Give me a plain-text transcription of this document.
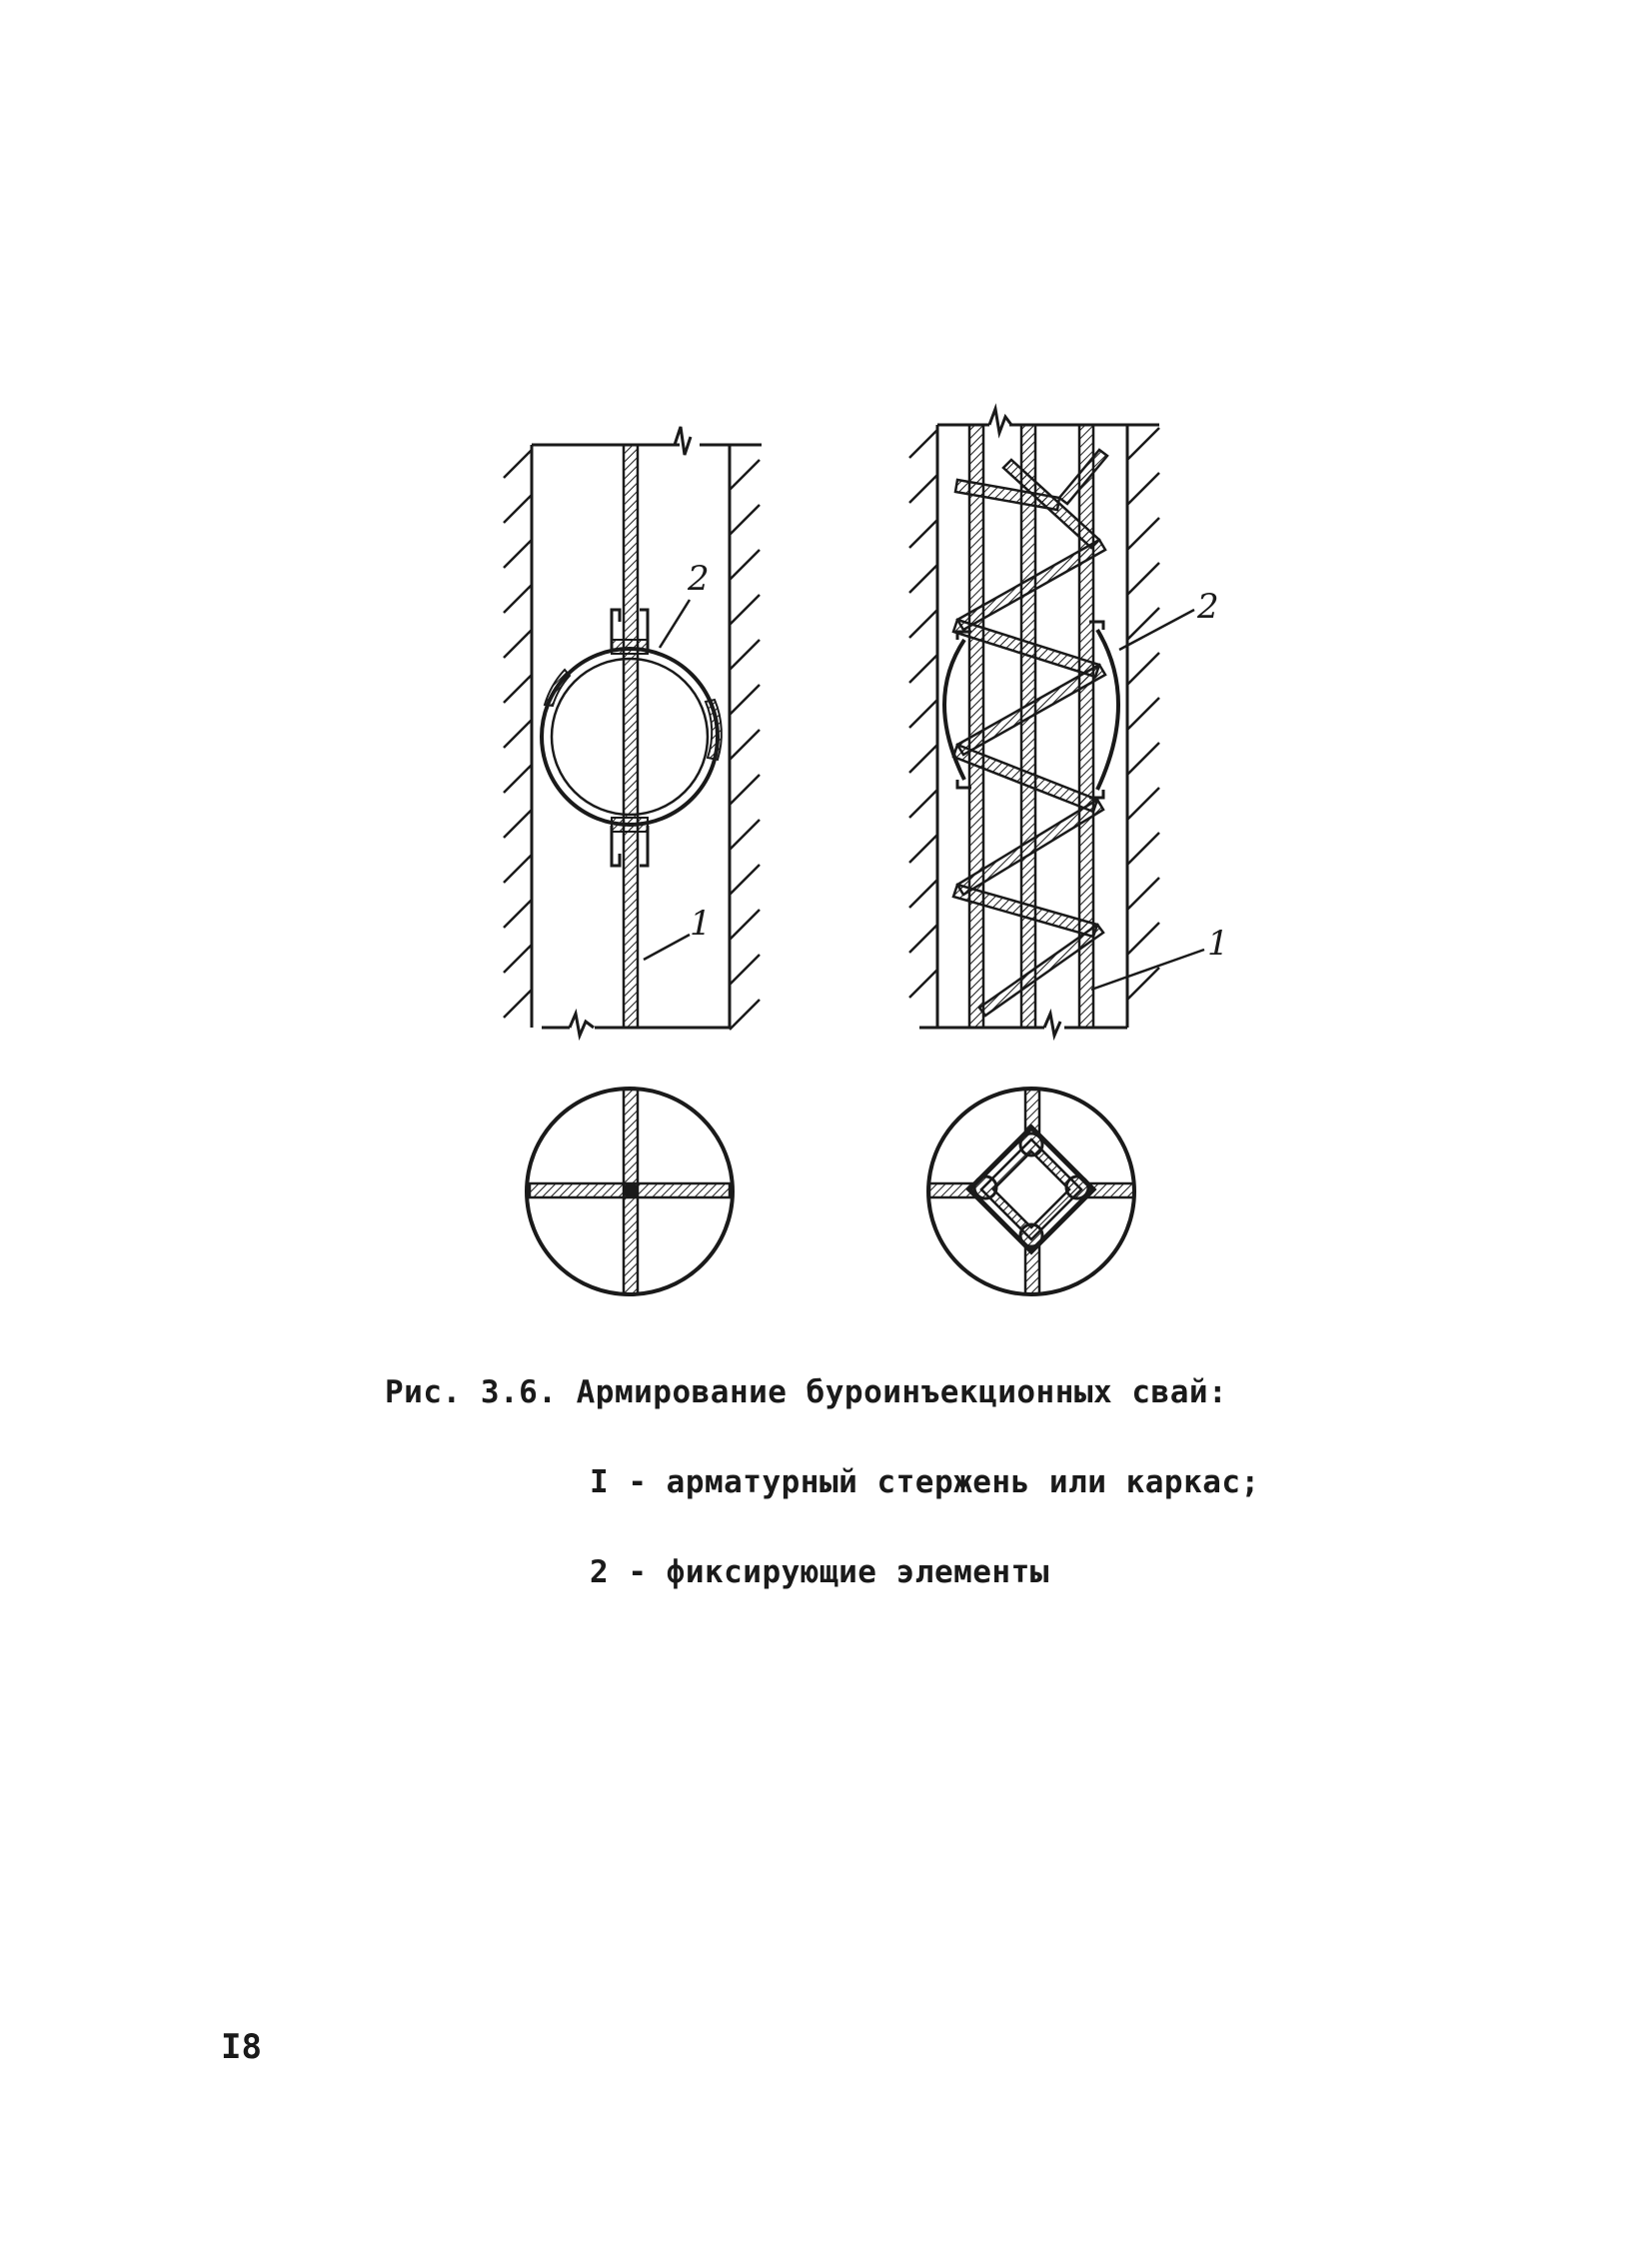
2
1
2
1

Рис. 3.6. Армирование буроинъекционных свай:

I - арматурный стержень или каркас;

2 - фиксирующие элементы

I8
